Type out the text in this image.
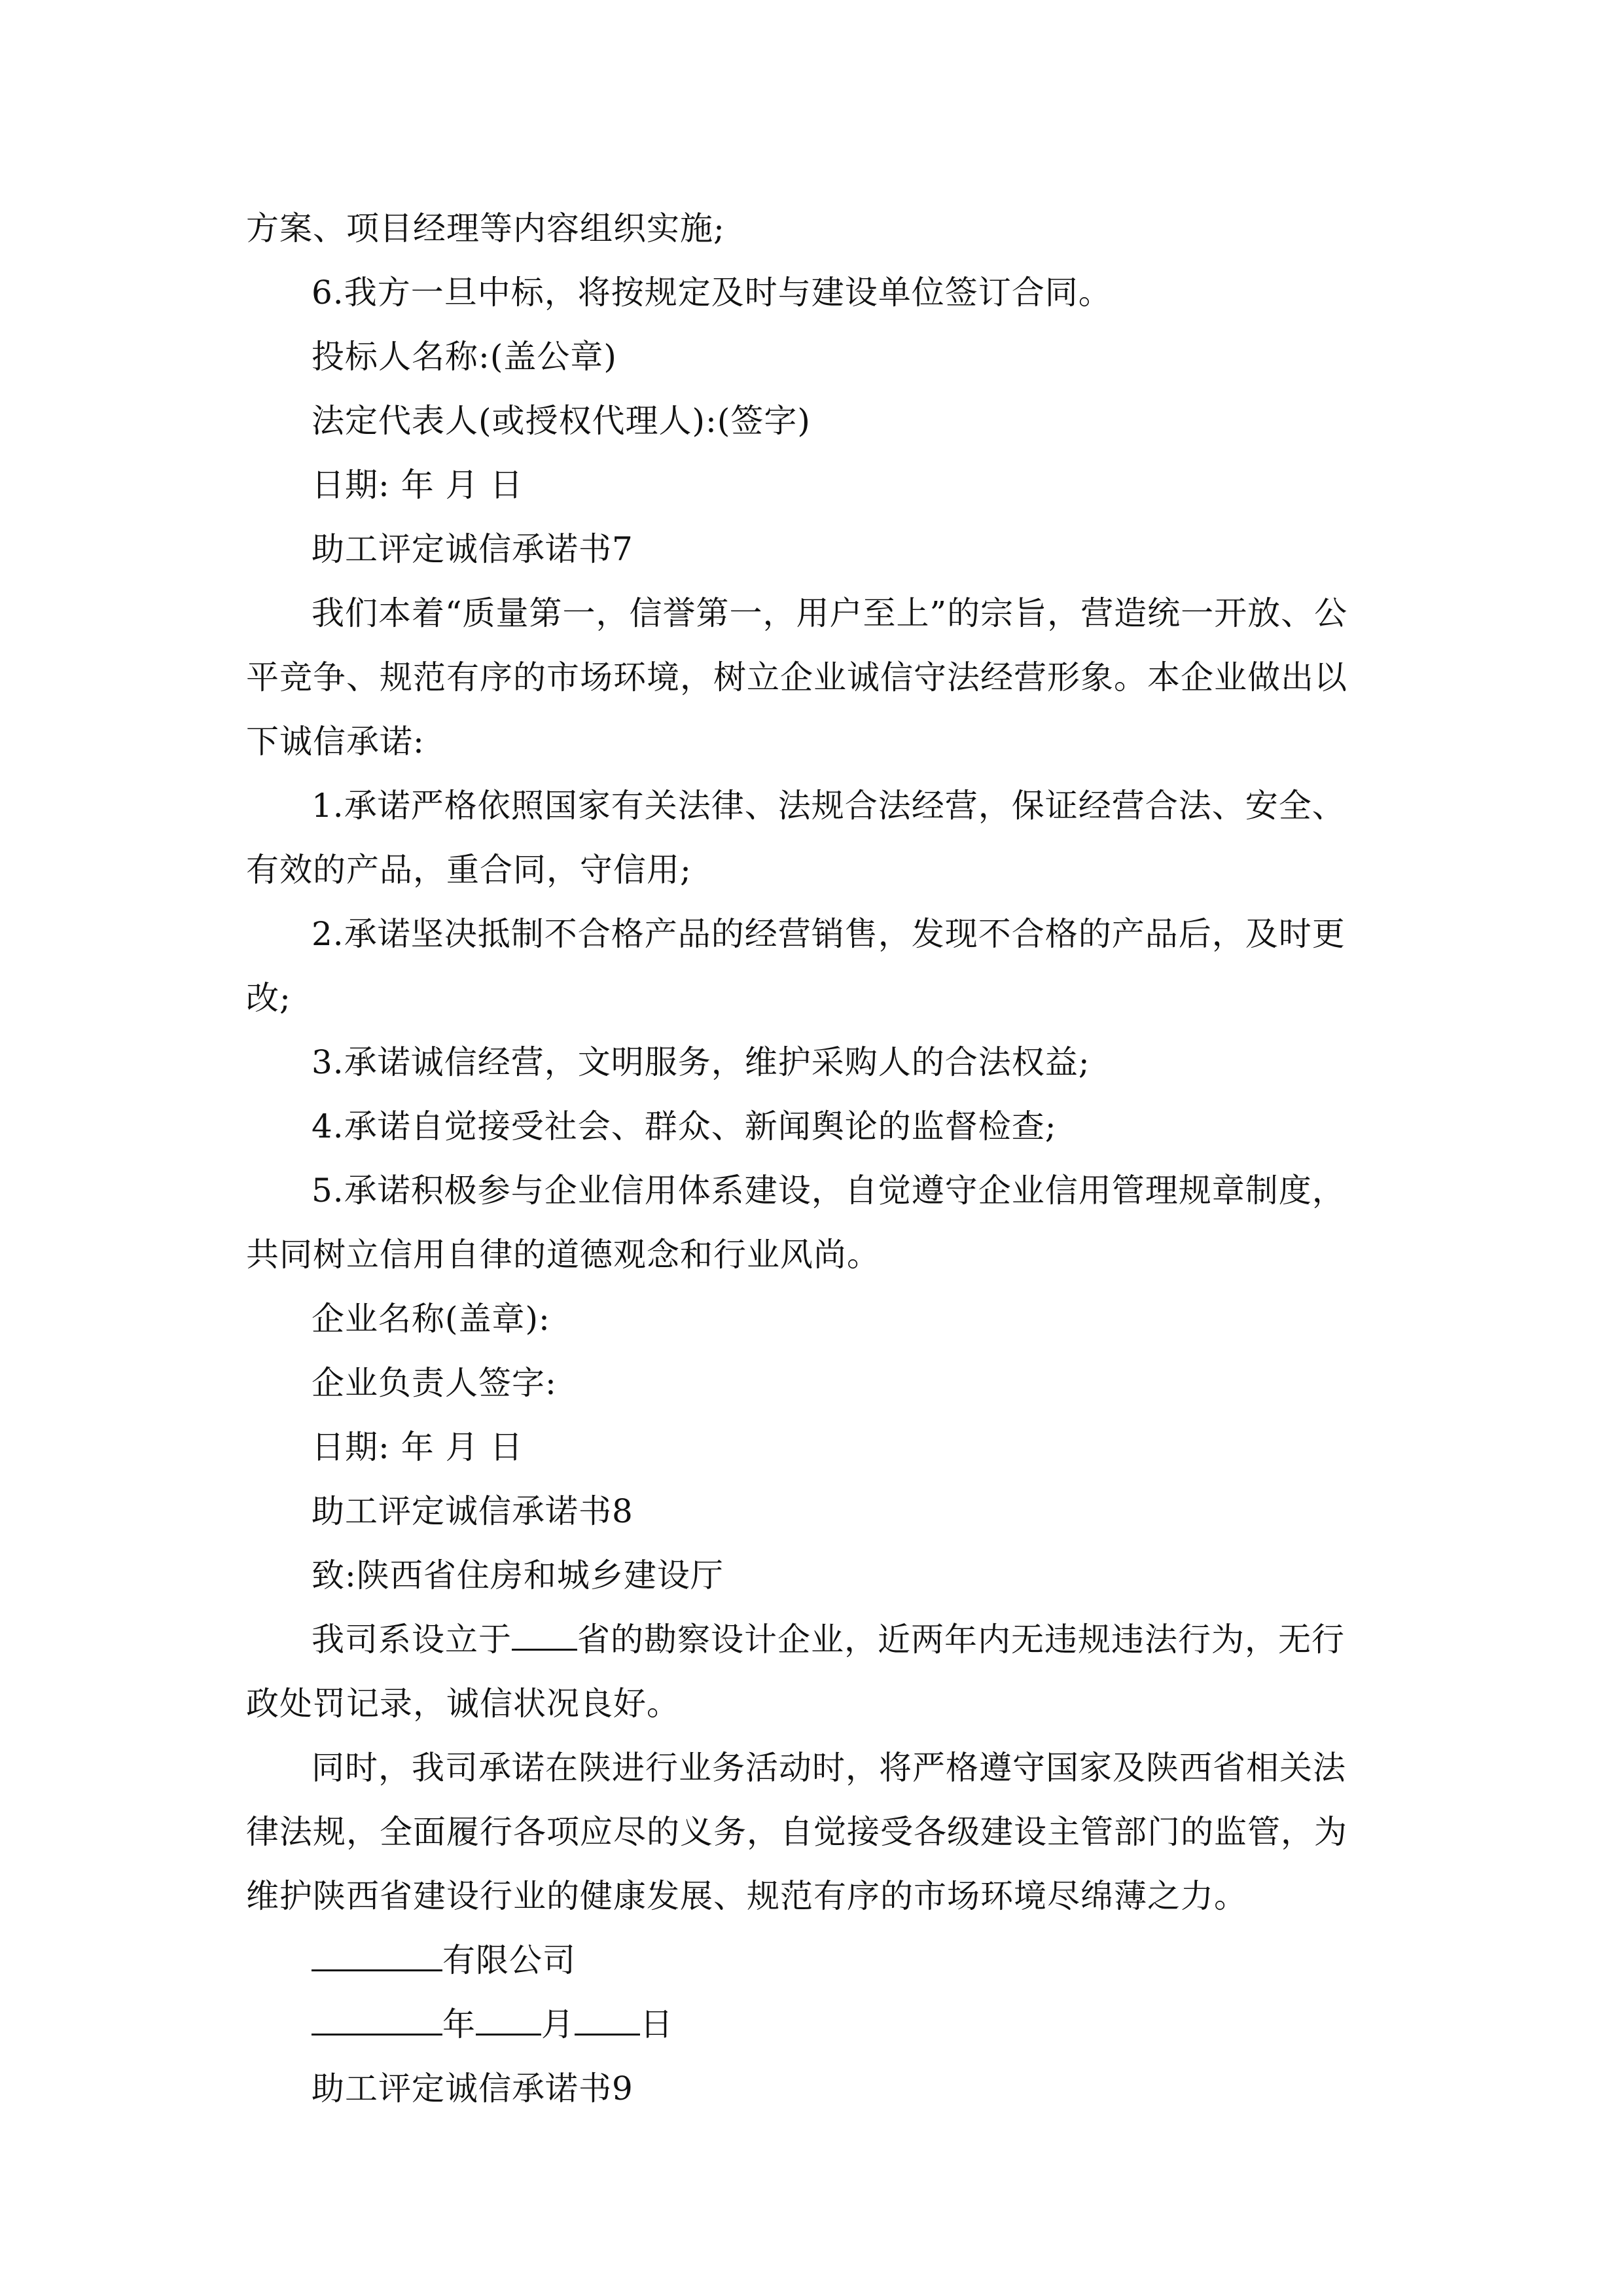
方案、项目经理等内容组织实施;

6.我方一旦中标，将按规定及时与建设单位签订合同。

投标人名称:(盖公章)

法定代表人(或授权代理人):(签字)

日期: 年 月 日

助工评定诚信承诺书7

我们本着“质量第一，信誉第一，用户至上”的宗旨，营造统一开放、公平竞争、规范有序的市场环境，树立企业诚信守法经营形象。本企业做出以下诚信承诺:

1.承诺严格依照国家有关法律、法规合法经营，保证经营合法、安全、有效的产品，重合同，守信用;

2.承诺坚决抵制不合格产品的经营销售，发现不合格的产品后，及时更改;

3.承诺诚信经营，文明服务，维护采购人的合法权益;

4.承诺自觉接受社会、群众、新闻舆论的监督检查;

5.承诺积极参与企业信用体系建设，自觉遵守企业信用管理规章制度，共同树立信用自律的道德观念和行业风尚。

企业名称(盖章):

企业负责人签字:

日期: 年 月 日

助工评定诚信承诺书8

致:陕西省住房和城乡建设厅

我司系设立于 省的勘察设计企业，近两年内无违规违法行为，无行政处罚记录，诚信状况良好。

同时，我司承诺在陕进行业务活动时，将严格遵守国家及陕西省相关法律法规，全面履行各项应尽的义务，自觉接受各级建设主管部门的监管，为维护陕西省建设行业的健康发展、规范有序的市场环境尽绵薄之力。

有限公司

年 月 日

助工评定诚信承诺书9
